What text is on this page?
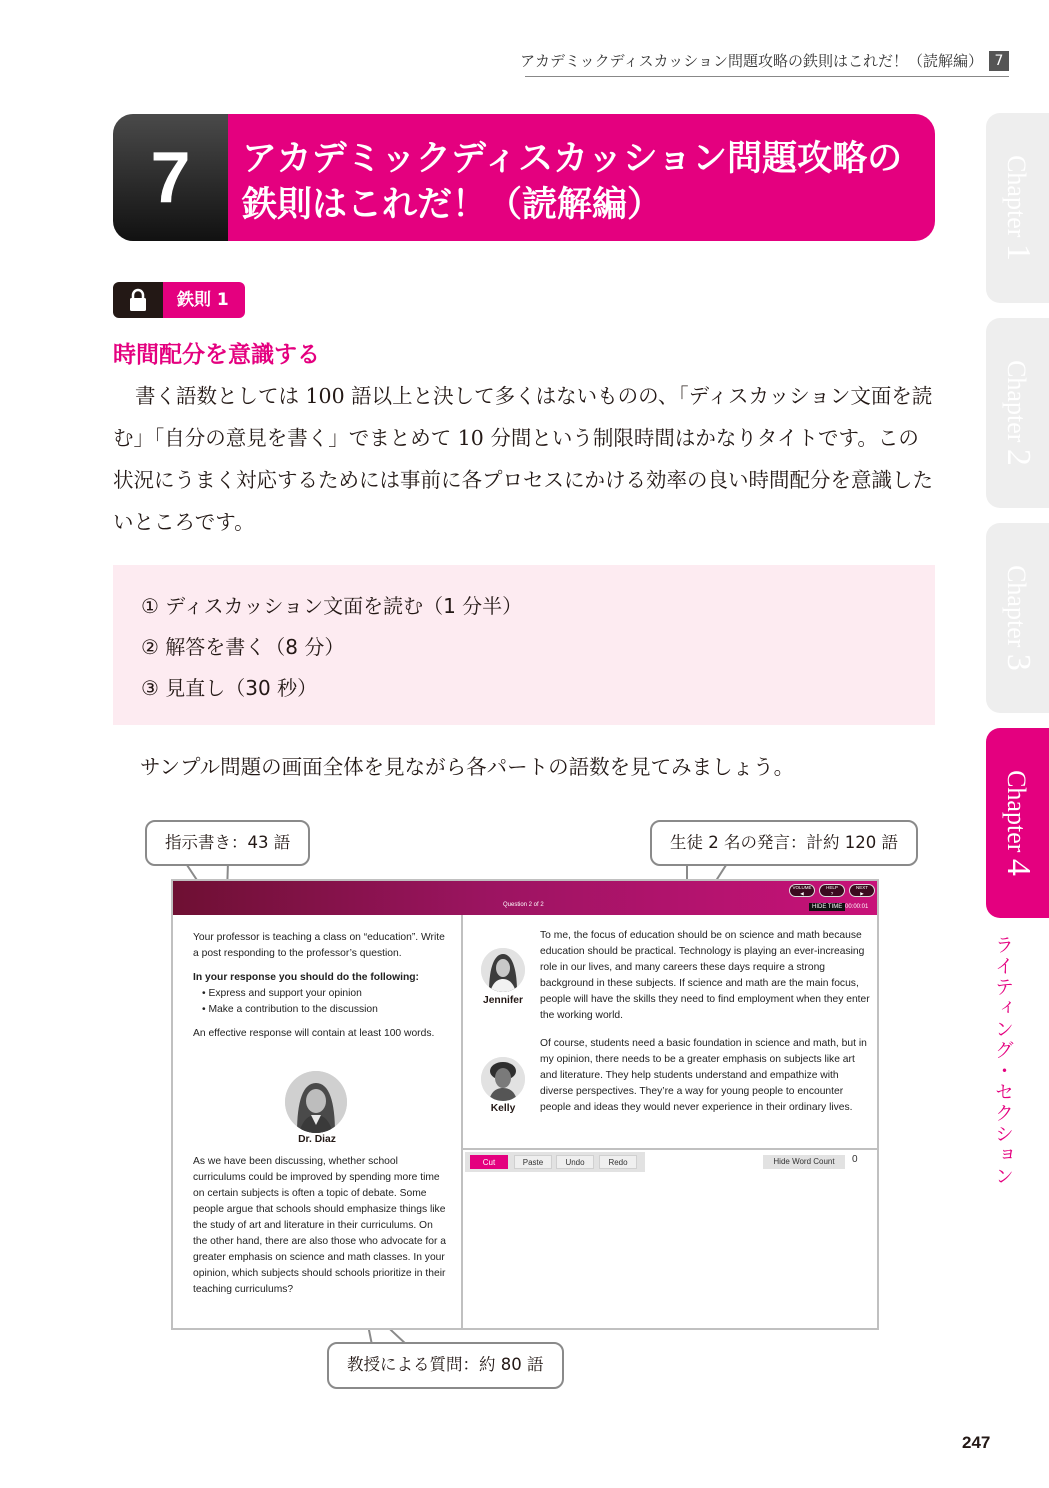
アカデミックディスカッション問題攻略の鉄則はこれだ！（読解編） 7
7	アカデミックディスカッション問題攻略の
鉄則はこれだ！（読解編）	Chapter 1
Chapter 2
Chapter 3
Chapter 4
ライティング・セクション
鉄則 1
時間配分を意識する
書く語数としては 100 語以上と決して多くはないものの、「ディスカッション文面を読む」「自分の意見を書く」でまとめて 10 分間という制限時間はかなりタイトです。この状況にうまく対応するためには事前に各プロセスにかける効率の良い時間配分を意識したいところです。
① ディスカッション文面を読む（1 分半）
② 解答を書く（8 分）
③ 見直し（30 秒）
サンプル問題の画面全体を見ながら各パートの語数を見てみましょう。
指示書き：43 語	生徒 2 名の発言：計約 120 語
Question 2 of 2
VOLUME
◀
HELP
?
NEXT
▶
HIDE TIME 00:00:01

Your professor is teaching a class on “education”. Write a post responding to the professor’s question.

In your response you should do the following:

• Express and support your opinion
• Make a contribution to the discussion

An effective response will contain at least 100 words.

Dr. Diaz
As we have been discussing, whether school curriculums could be improved by spending more time on certain subjects is often a topic of debate. Some people argue that schools should emphasize things like the study of art and literature in their curriculums. On the other hand, there are also those who advocate for a greater emphasis on science and math classes. In your opinion, which subjects should schools prioritize in their teaching curriculums?
Jennifer
To me, the focus of education should be on science and math because education should be practical. Technology is playing an ever-increasing role in our lives, and many careers these days require a strong background in these subjects. If science and math are the main focus, people will have the skills they need to find employment when they enter the working world.
Kelly
Of course, students need a basic foundation in science and math, but in my opinion, there needs to be a greater emphasis on subjects like art and literature. They help students understand and empathize with diverse perspectives. They’re a way for young people to encounter people and ideas they would never experience in their ordinary lives.
Cut	Paste	Undo	Redo	Hide Word Count	0
教授による質問：約 80 語
247
